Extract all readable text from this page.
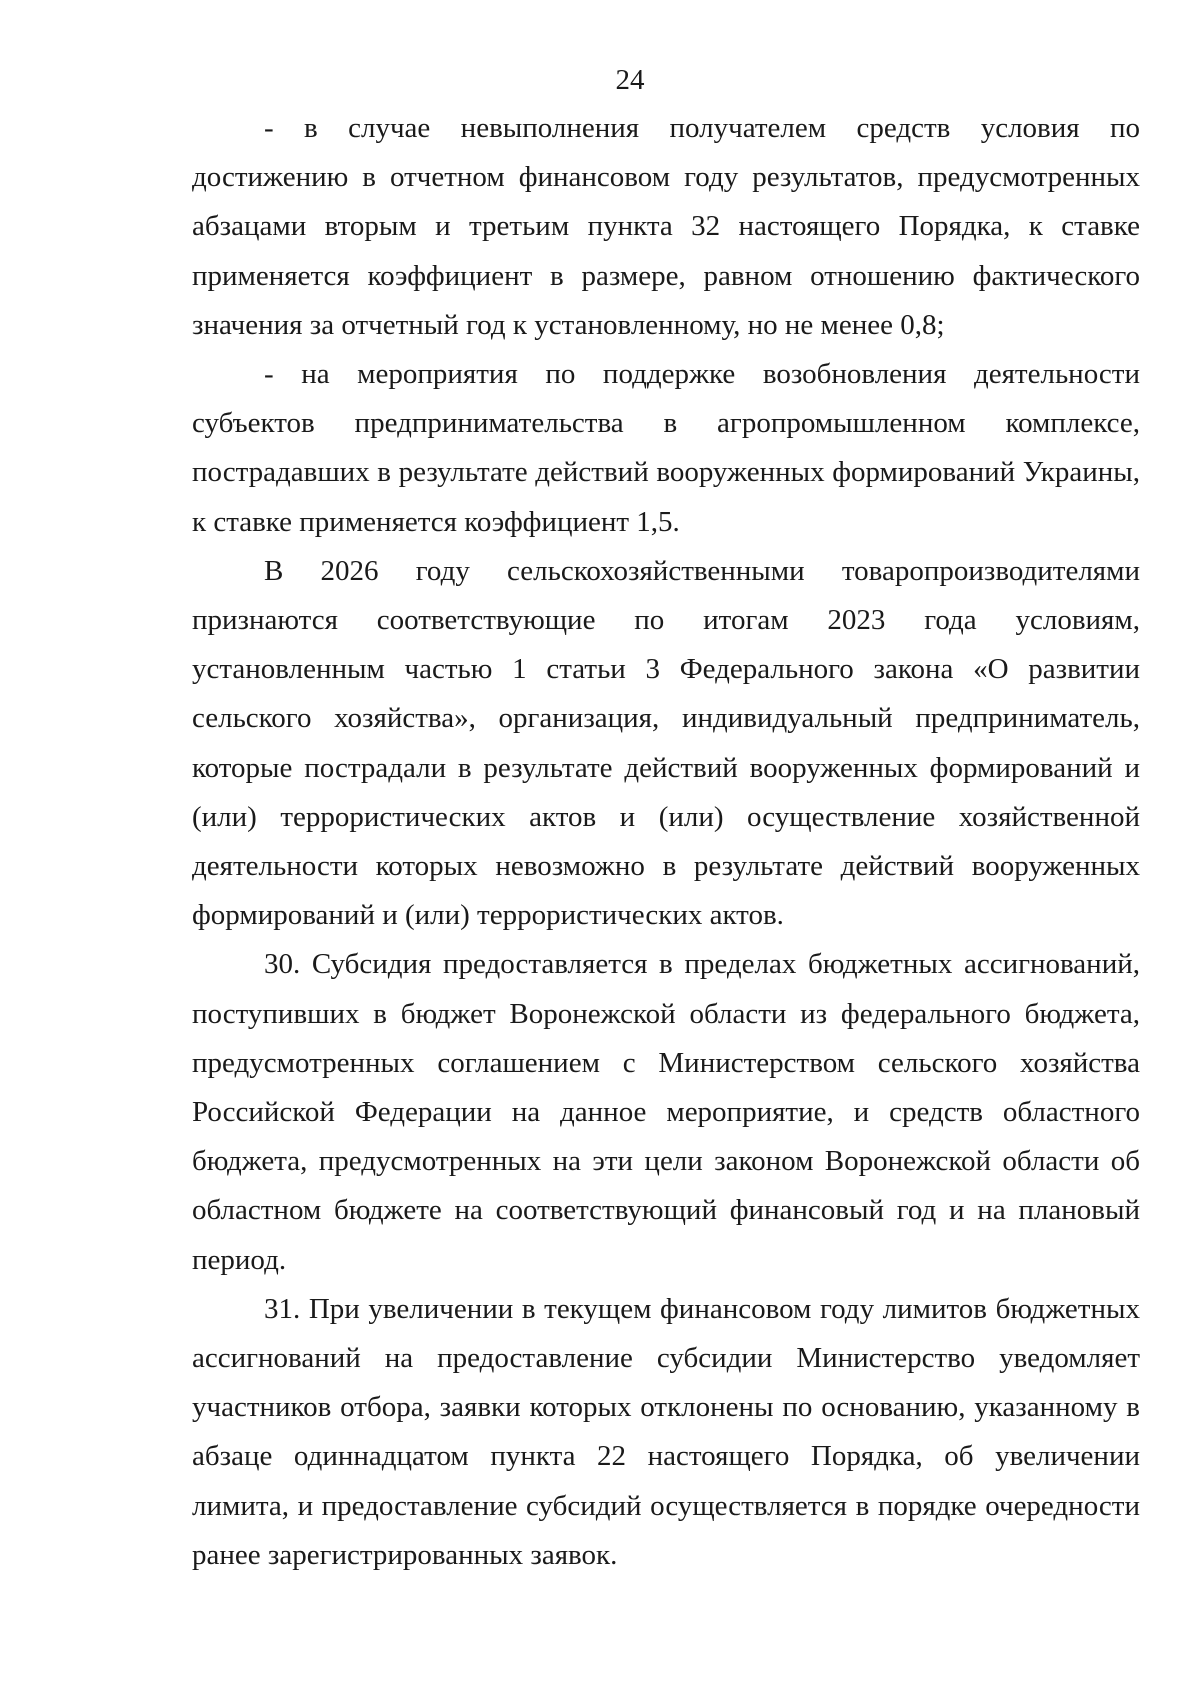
24

- в случае невыполнения получателем средств условия по достижению в отчетном финансовом году результатов, предусмотренных абзацами вторым и третьим пункта 32 настоящего Порядка, к ставке применяется коэффициент в размере, равном отношению фактического значения за отчетный год к установленному, но не менее 0,8;

- на мероприятия по поддержке возобновления деятельности субъектов предпринимательства в агропромышленном комплексе, пострадавших в результате действий вооруженных формирований Украины, к ставке применяется коэффициент 1,5.

В 2026 году сельскохозяйственными товаропроизводителями признаются соответствующие по итогам 2023 года условиям, установленным частью 1 статьи 3 Федерального закона «О развитии сельского хозяйства», организация, индивидуальный предприниматель, которые пострадали в результате действий вооруженных формирований и (или) террористических актов и (или) осуществление хозяйственной деятельности которых невозможно в результате действий вооруженных формирований и (или) террористических актов.

30. Субсидия предоставляется в пределах бюджетных ассигнований, поступивших в бюджет Воронежской области из федерального бюджета, предусмотренных соглашением с Министерством сельского хозяйства Российской Федерации на данное мероприятие, и средств областного бюджета, предусмотренных на эти цели законом Воронежской области об областном бюджете на соответствующий финансовый год и на плановый период.

31. При увеличении в текущем финансовом году лимитов бюджетных ассигнований на предоставление субсидии Министерство уведомляет участников отбора, заявки которых отклонены по основанию, указанному в абзаце одиннадцатом пункта 22 настоящего Порядка, об увеличении лимита, и предоставление субсидий осуществляется в порядке очередности ранее зарегистрированных заявок.
